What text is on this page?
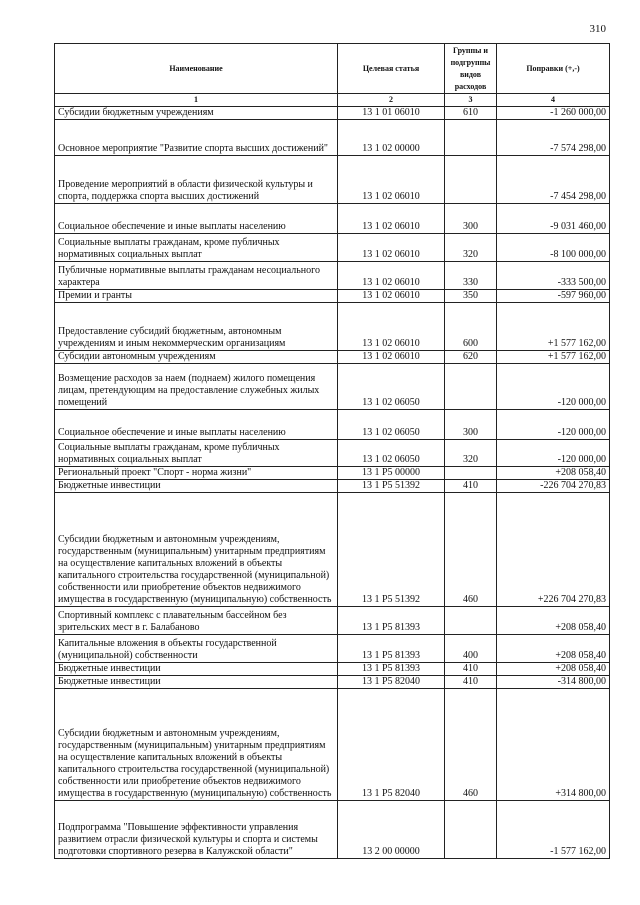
310
Наименование	Целевая статья	Группы и подгруппы видов расходов	Поправки (+,-)
1	2	3	4
Субсидии бюджетным учреждениям	13 1 01 06010	610	-1 260 000,00
Основное мероприятие "Развитие спорта высших достижений"	13 1 02 00000		-7 574 298,00
Проведение мероприятий в области физической культуры и спорта, поддержка спорта высших достижений	13 1 02 06010		-7 454 298,00
Социальное обеспечение и иные выплаты населению	13 1 02 06010	300	-9 031 460,00
Социальные выплаты гражданам, кроме публичных нормативных социальных выплат	13 1 02 06010	320	-8 100 000,00
Публичные нормативные выплаты гражданам несоциального характера	13 1 02 06010	330	-333 500,00
Премии и гранты	13 1 02 06010	350	-597 960,00
Предоставление субсидий бюджетным, автономным учреждениям и иным некоммерческим организациям	13 1 02 06010	600	+1 577 162,00
Субсидии автономным учреждениям	13 1 02 06010	620	+1 577 162,00
Возмещение расходов за наем (поднаем) жилого помещения лицам, претендующим на предоставление служебных жилых помещений	13 1 02 06050		-120 000,00
Социальное обеспечение и иные выплаты населению	13 1 02 06050	300	-120 000,00
Социальные выплаты гражданам, кроме публичных нормативных социальных выплат	13 1 02 06050	320	-120 000,00
Региональный проект "Спорт - норма жизни"	13 1 P5 00000		+208 058,40
Бюджетные инвестиции	13 1 P5 51392	410	-226 704 270,83
Субсидии бюджетным и автономным учреждениям, государственным (муниципальным) унитарным предприятиям на осуществление капитальных вложений в объекты капитального строительства государственной (муниципальной) собственности или приобретение объектов недвижимого имущества в государственную (муниципальную) собственность	13 1 P5 51392	460	+226 704 270,83
Спортивный комплекс с плавательным бассейном без зрительских мест в г. Балабаново	13 1 P5 81393		+208 058,40
Капитальные вложения в объекты государственной (муниципальной) собственности	13 1 P5 81393	400	+208 058,40
Бюджетные инвестиции	13 1 P5 81393	410	+208 058,40
Бюджетные инвестиции	13 1 P5 82040	410	-314 800,00
Субсидии бюджетным и автономным учреждениям, государственным (муниципальным) унитарным предприятиям на осуществление капитальных вложений в объекты капитального строительства государственной (муниципальной) собственности или приобретение объектов недвижимого имущества в государственную (муниципальную) собственность	13 1 P5 82040	460	+314 800,00
Подпрограмма "Повышение эффективности управления развитием отрасли физической культуры и спорта и системы подготовки спортивного резерва в Калужской области"	13 2 00 00000		-1 577 162,00
